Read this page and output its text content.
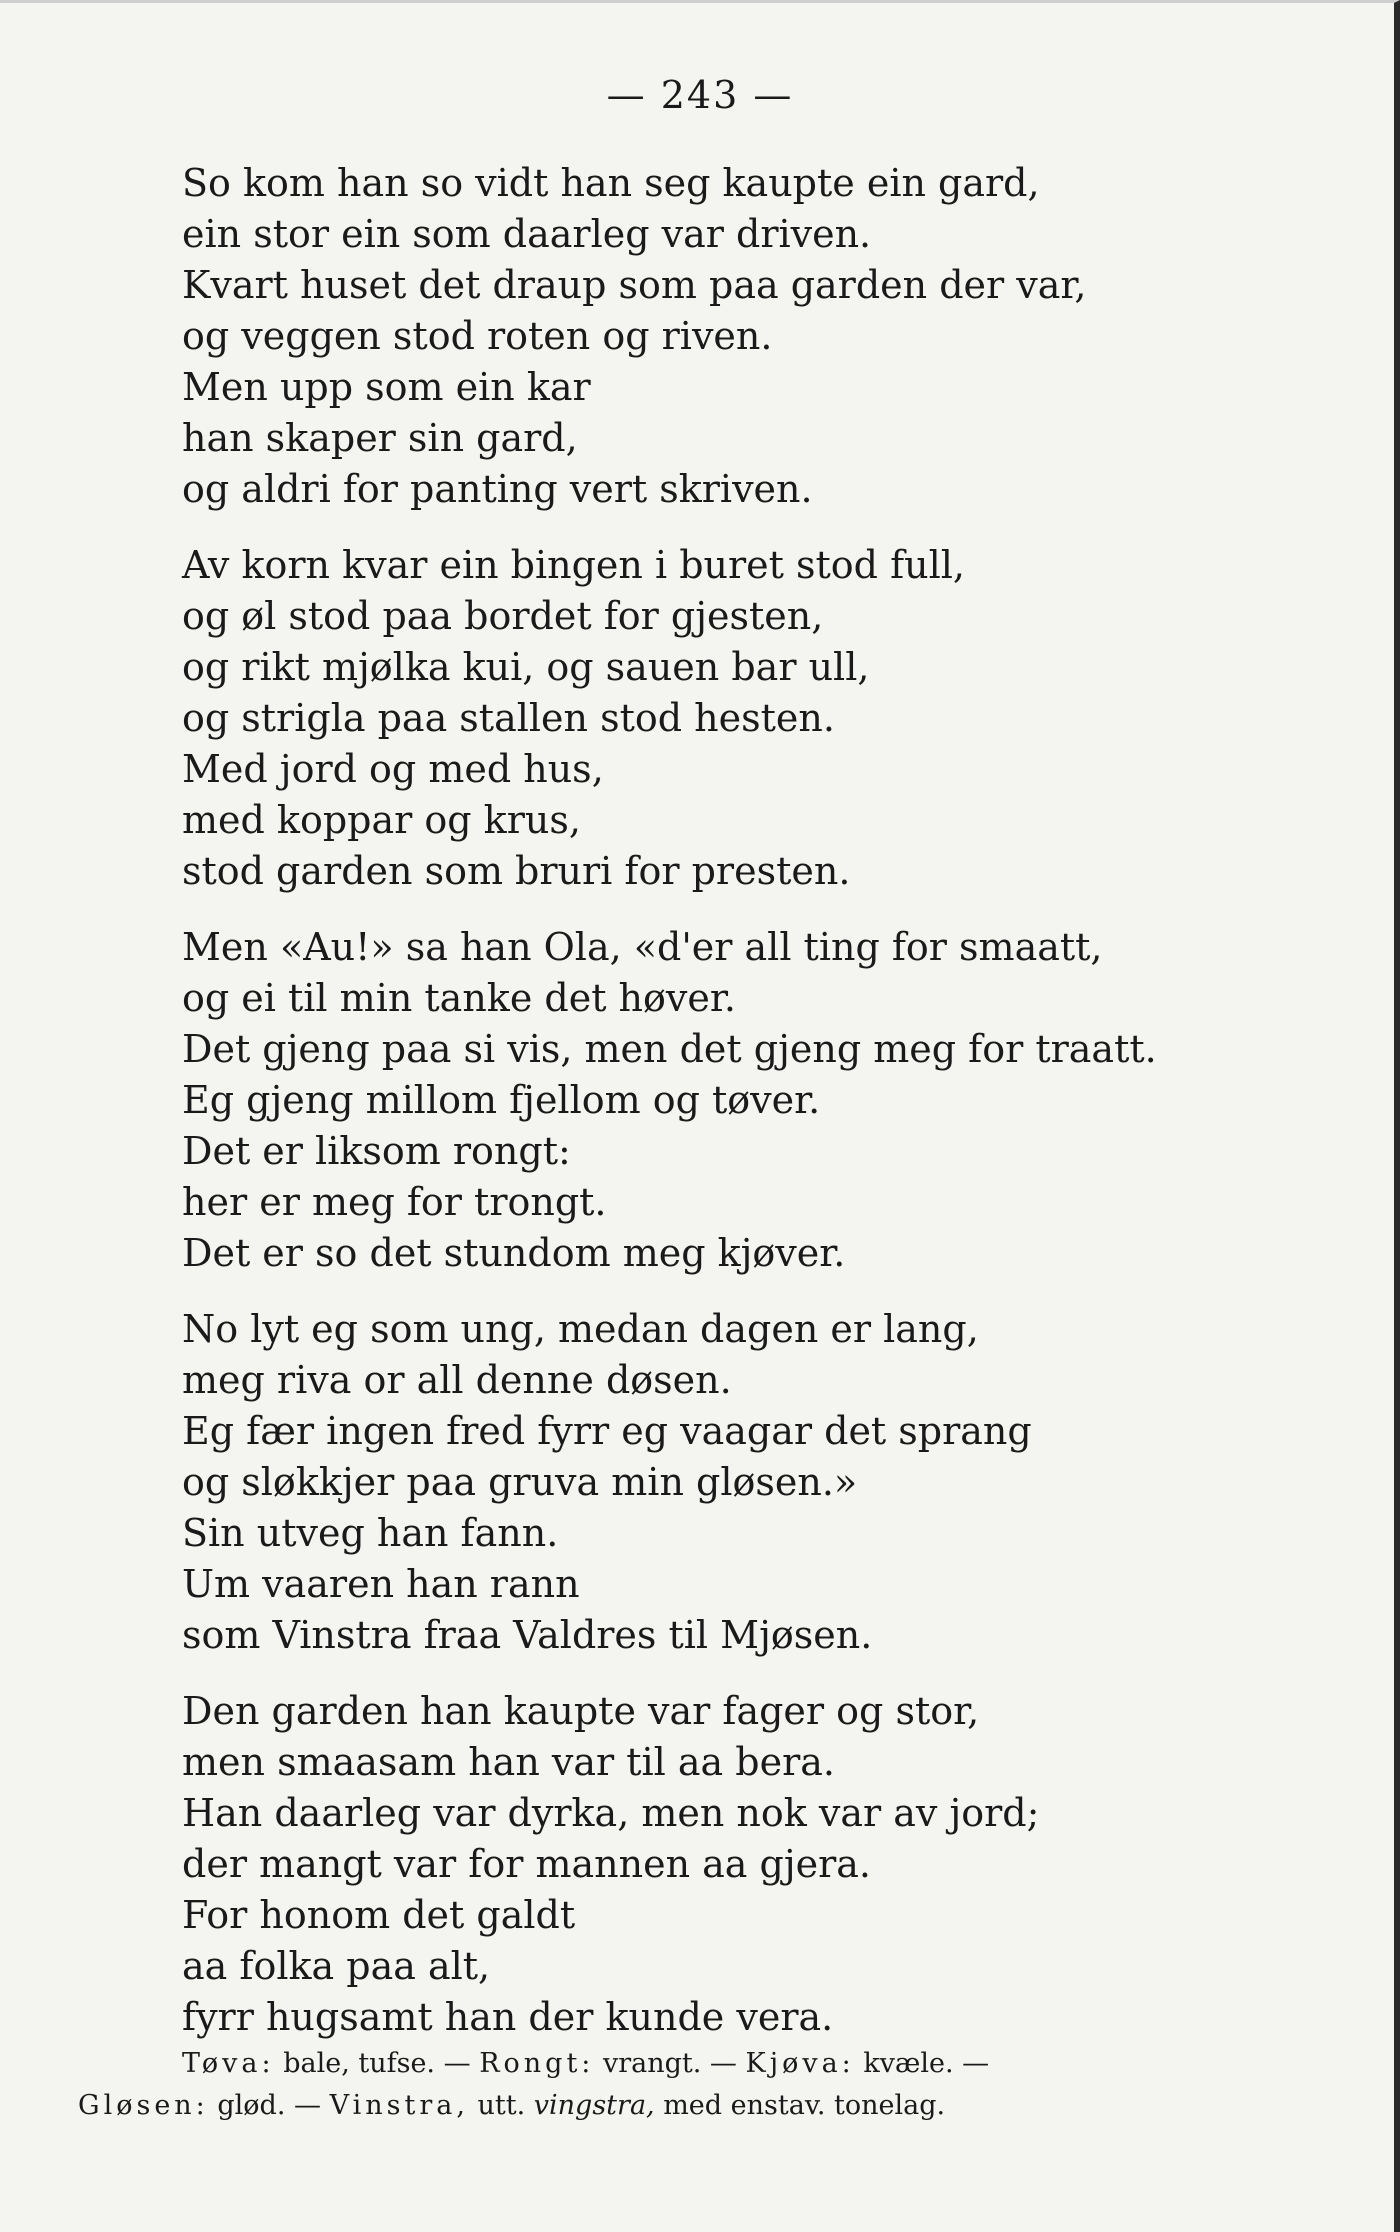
— 243 —
So kom han so vidt han seg kaupte ein gard,
ein stor ein som daarleg var driven.
Kvart huset det draup som paa garden der var,
og veggen stod roten og riven.
Men upp som ein kar
han skaper sin gard,
og aldri for panting vert skriven.
Av korn kvar ein bingen i buret stod full,
og øl stod paa bordet for gjesten,
og rikt mjølka kui, og sauen bar ull,
og strigla paa stallen stod hesten.
Med jord og med hus,
med koppar og krus,
stod garden som bruri for presten.
Men «Au!» sa han Ola, «d'er all ting for smaatt,
og ei til min tanke det høver.
Det gjeng paa si vis, men det gjeng meg for traatt.
Eg gjeng millom fjellom og tøver.
Det er liksom rongt:
her er meg for trongt.
Det er so det stundom meg kjøver.
No lyt eg som ung, medan dagen er lang,
meg riva or all denne døsen.
Eg fær ingen fred fyrr eg vaagar det sprang
og sløkkjer paa gruva min gløsen.»
Sin utveg han fann.
Um vaaren han rann
som Vinstra fraa Valdres til Mjøsen.
Den garden han kaupte var fager og stor,
men smaasam han var til aa bera.
Han daarleg var dyrka, men nok var av jord;
der mangt var for mannen aa gjera.
For honom det galdt
aa folka paa alt,
fyrr hugsamt han der kunde vera.
Tøva: bale, tufse. — Rongt: vrangt. — Kjøva: kvæle. —
Gløsen: glød. — Vinstra, utt. vingstra, med enstav. tonelag.
